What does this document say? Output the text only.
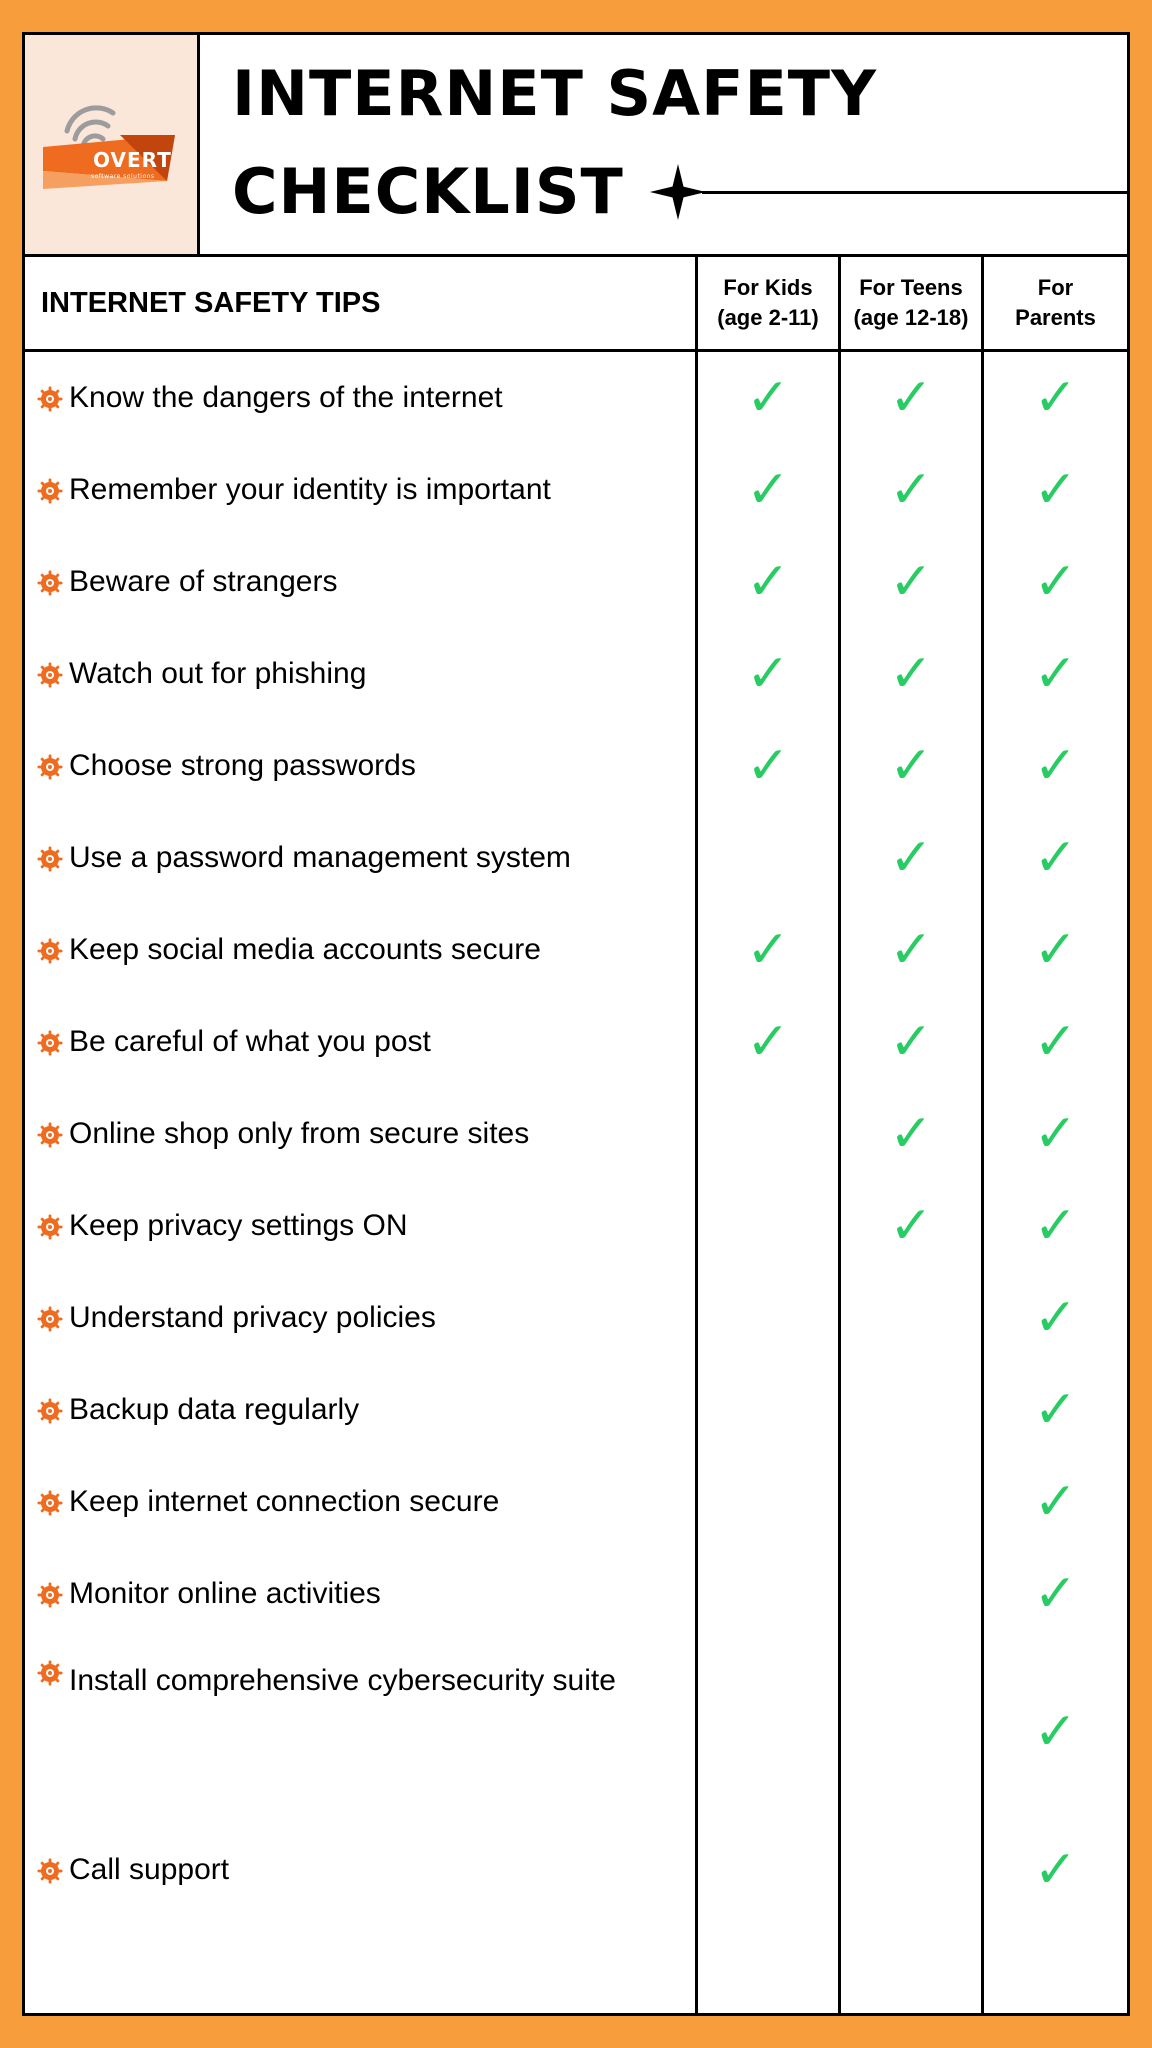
OVERT
software solutions
INTERNET SAFETY
CHECKLIST
INTERNET SAFETY TIPS	For Kids
(age 2-11)
For Teens
(age 12-18)
For
Parents
Know the dangers of the internet
Remember your identity is important
Beware of strangers
Watch out for phishing
Choose strong passwords
Use a password management system
Keep social media accounts secure
Be careful of what you post
Online shop only from secure sites
Keep privacy settings ON
Understand privacy policies
Backup data regularly
Keep internet connection secure
Monitor online activities
Install comprehensive cybersecurity suite
Call support
✓
✓
✓
✓
✓
✓
✓
✓
✓
✓
✓
✓
✓
✓
✓
✓
✓
✓
✓
✓
✓
✓
✓
✓
✓
✓
✓
✓
✓
✓
✓
✓
✓
